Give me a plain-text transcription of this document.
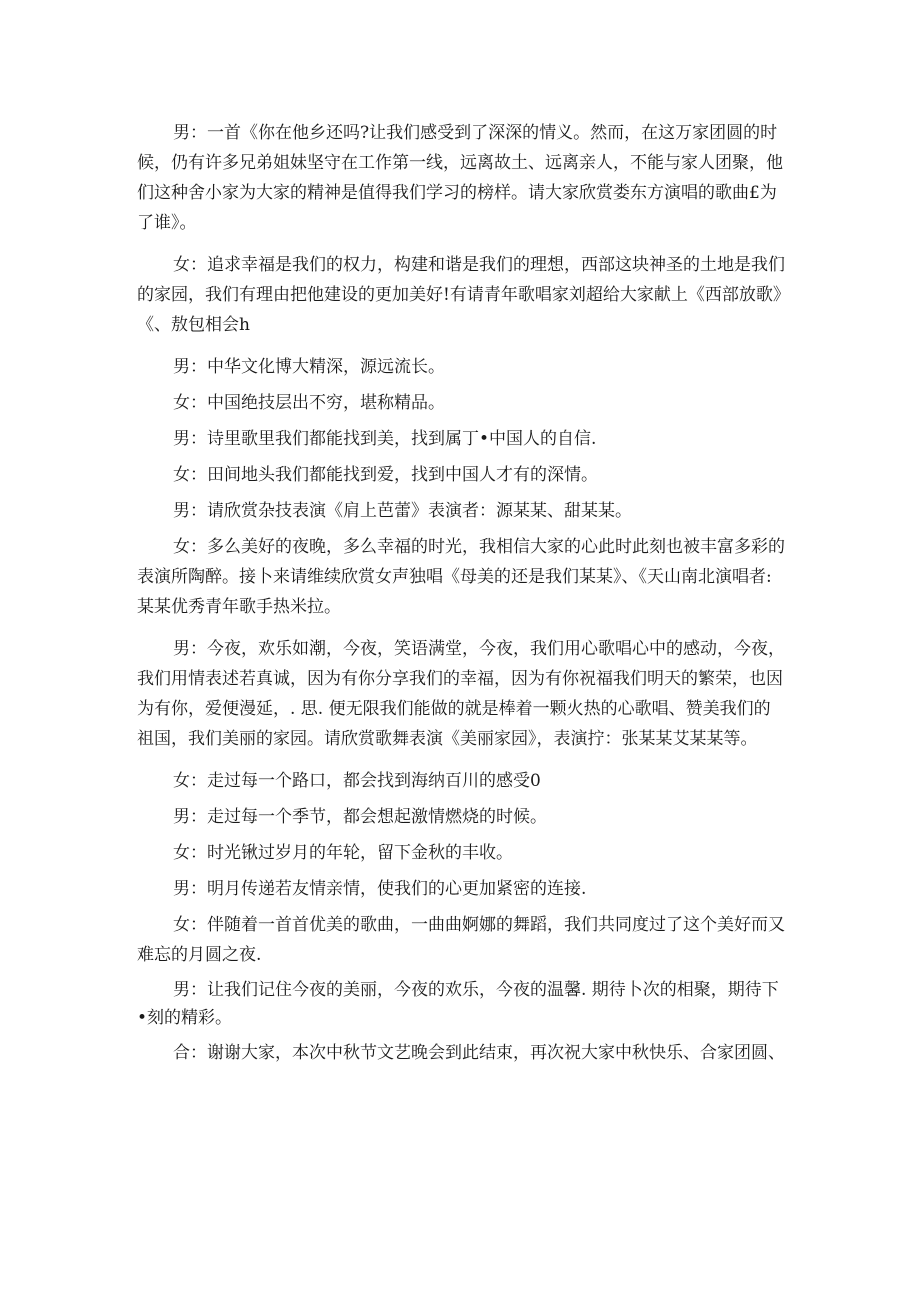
男：一首《你在他乡还吗?让我们感受到了深深的情义。然而，在这万家团圆的时候，仍有许多兄弟姐妹坚守在工作第一线，远离故土、远离亲人，不能与家人团聚，他们这种舍小家为大家的精神是值得我们学习的榜样。请大家欣赏娄东方演唱的歌曲£为了谁》。

女：追求幸福是我们的权力，构建和谐是我们的理想，西部这块神圣的土地是我们的家园，我们有理由把他建设的更加美好!有请青年歌唱家刘超给大家献上《西部放歌》《、敖包相会h

男：中华文化博大精深，源远流长。

女：中国绝技层出不穷，堪称精品。

男：诗里歌里我们都能找到美，找到属丁•中国人的自信.

女：田间地头我们都能找到爱，找到中国人才有的深情。

男：请欣赏杂技表演《肩上芭蕾》表演者：源某某、甜某某。

女：多么美好的夜晚，多么幸福的时光，我相信大家的心此时此刻也被丰富多彩的表演所陶醉。接卜来请维续欣赏女声独唱《母美的还是我们某某》、《天山南北演唱者:某某优秀青年歌手热米拉。

男：今夜，欢乐如潮，今夜，笑语满堂，今夜，我们用心歌唱心中的感动，今夜，我们用情表述若真诚，因为有你分享我们的幸福，因为有你祝福我们明天的繁荣，也因为有你，爱便漫延，. 思. 便无限我们能做的就是棒着一颗火热的心歌唱、赞美我们的祖国，我们美丽的家园。请欣赏歌舞表演《美丽家园》，表演拧：张某某艾某某等。

女：走过每一个路口，都会找到海纳百川的感受0

男：走过每一个季节，都会想起激情燃烧的时候。

女：时光锹过岁月的年轮，留下金秋的丰收。

男：明月传递若友情亲情，使我们的心更加紧密的连接.

女：伴随着一首首优美的歌曲，一曲曲婀娜的舞蹈，我们共同度过了这个美好而又难忘的月圆之夜.

男：让我们记住今夜的美丽，今夜的欢乐，今夜的温馨. 期待卜次的相聚，期待下•刻的精彩。

合：谢谢大家，本次中秋节文艺晚会到此结束，再次祝大家中秋快乐、合家团圆、
